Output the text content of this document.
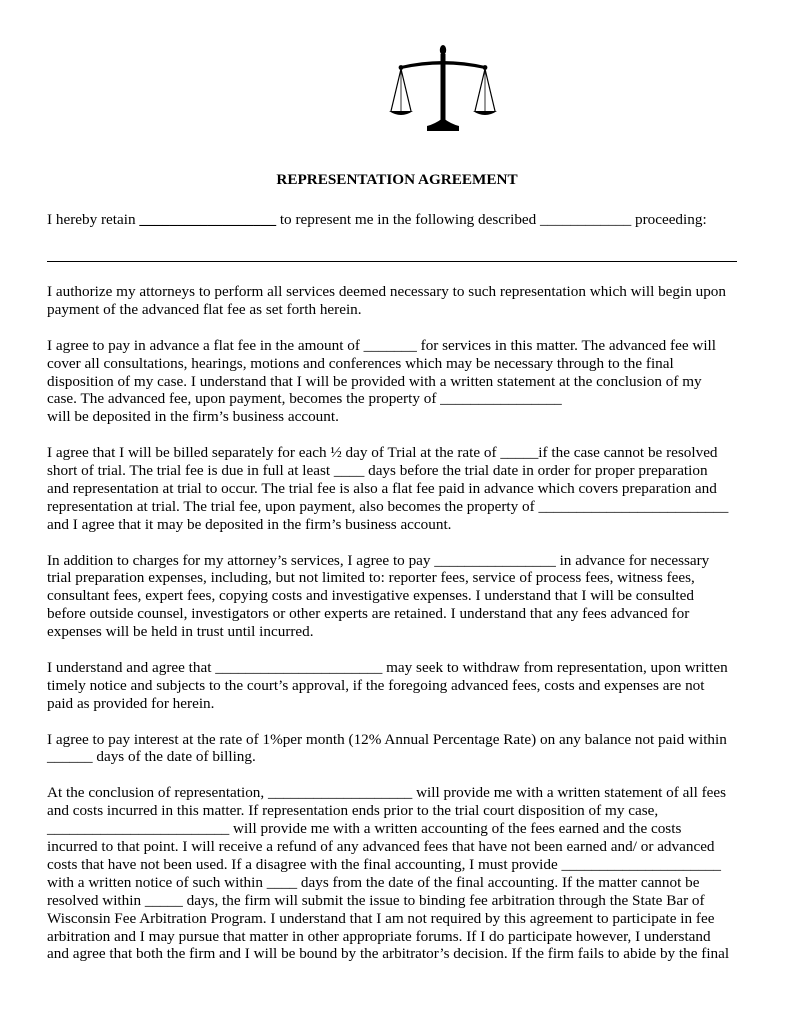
REPRESENTATION AGREEMENT
I hereby retain __________________ to represent me in the following described ____________ proceeding:

I authorize my attorneys to perform all services deemed necessary to such representation which will begin upon
payment of the advanced flat fee as set forth herein.

I agree to pay in advance a flat fee in the amount of _______ for services in this matter. The advanced fee will
cover all consultations, hearings, motions and conferences which may be necessary through to the final
disposition of my case. I understand that I will be provided with a written statement at the conclusion of my
case. The advanced fee, upon payment, becomes the property of ________________
will be deposited in the firm’s business account.

I agree that I will be billed separately for each ½ day of Trial at the rate of _____if the case cannot be resolved
short of trial. The trial fee is due in full at least ____ days before the trial date in order for proper preparation
and representation at trial to occur. The trial fee is also a flat fee paid in advance which covers preparation and
representation at trial. The trial fee, upon payment, also becomes the property of _________________________
and I agree that it may be deposited in the firm’s business account.

In addition to charges for my attorney’s services, I agree to pay ________________ in advance for necessary
trial preparation expenses, including, but not limited to: reporter fees, service of process fees, witness fees,
consultant fees, expert fees, copying costs and investigative expenses. I understand that I will be consulted
before outside counsel, investigators or other experts are retained. I understand that any fees advanced for
expenses will be held in trust until incurred.

I understand and agree that ______________________ may seek to withdraw from representation, upon written
timely notice and subjects to the court’s approval, if the foregoing advanced fees, costs and expenses are not
paid as provided for herein.

I agree to pay interest at the rate of 1%per month (12% Annual Percentage Rate) on any balance not paid within
______ days of the date of billing.

At the conclusion of representation, ___________________ will provide me with a written statement of all fees
and costs incurred in this matter. If representation ends prior to the trial court disposition of my case,
________________________ will provide me with a written accounting of the fees earned and the costs
incurred to that point. I will receive a refund of any advanced fees that have not been earned and/ or advanced
costs that have not been used. If a disagree with the final accounting, I must provide _____________________
with a written notice of such within ____ days from the date of the final accounting. If the matter cannot be
resolved within _____ days, the firm will submit the issue to binding fee arbitration through the State Bar of
Wisconsin Fee Arbitration Program. I understand that I am not required by this agreement to participate in fee
arbitration and I may pursue that matter in other appropriate forums. If I do participate however, I understand
and agree that both the firm and I will be bound by the arbitrator’s decision. If the firm fails to abide by the final
